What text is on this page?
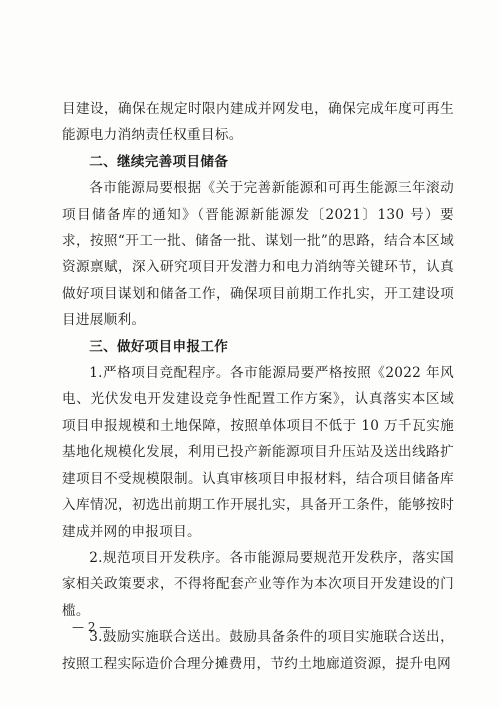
目建设，确保在规定时限内建成并网发电，确保完成年度可再生能源电力消纳责任权重目标。

二、继续完善项目储备

各市能源局要根据《关于完善新能源和可再生能源三年滚动项目储备库的通知》（晋能源新能源发〔2021〕130 号）要求，按照“开工一批、储备一批、谋划一批”的思路，结合本区域资源禀赋，深入研究项目开发潜力和电力消纳等关键环节，认真做好项目谋划和储备工作，确保项目前期工作扎实，开工建设项目进展顺利。

三、做好项目申报工作

1.严格项目竞配程序。各市能源局要严格按照《2022 年风电、光伏发电开发建设竞争性配置工作方案》，认真落实本区域项目申报规模和土地保障，按照单体项目不低于 10 万千瓦实施基地化规模化发展，利用已投产新能源项目升压站及送出线路扩建项目不受规模限制。认真审核项目申报材料，结合项目储备库入库情况，初选出前期工作开展扎实，具备开工条件，能够按时建成并网的申报项目。

2.规范项目开发秩序。各市能源局要规范开发秩序，落实国家相关政策要求，不得将配套产业等作为本次项目开发建设的门槛。

3.鼓励实施联合送出。鼓励具备条件的项目实施联合送出，按照工程实际造价合理分摊费用，节约土地廊道资源，提升电网

— 2 —
